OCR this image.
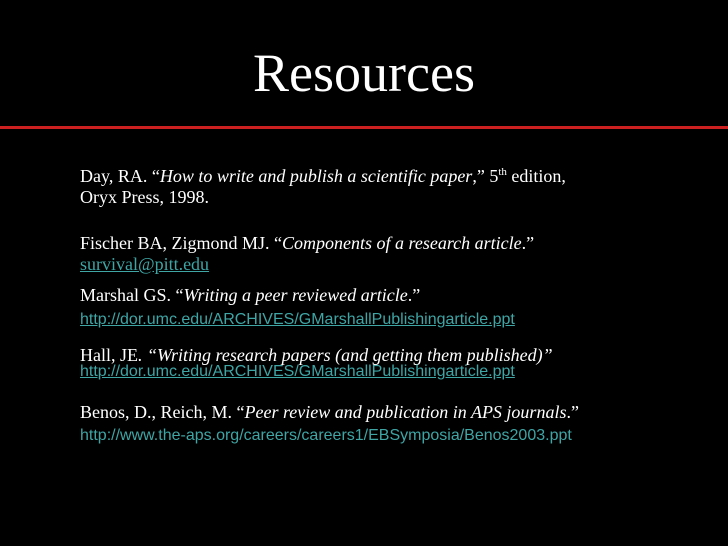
Resources
Day, RA. “How to write and publish a scientific paper,” 5th edition,
Oryx Press, 1998.
Fischer BA, Zigmond MJ. “Components of a research article.”
survival@pitt.edu
Marshal GS. “Writing a peer reviewed article.”
http://dor.umc.edu/ARCHIVES/GMarshallPublishingarticle.ppt
Hall, JE. “Writing research papers (and getting them published)”
http://dor.umc.edu/ARCHIVES/GMarshallPublishingarticle.ppt
Benos, D., Reich, M. “Peer review and publication in APS journals.”
http://www.the-aps.org/careers/careers1/EBSymposia/Benos2003.ppt
